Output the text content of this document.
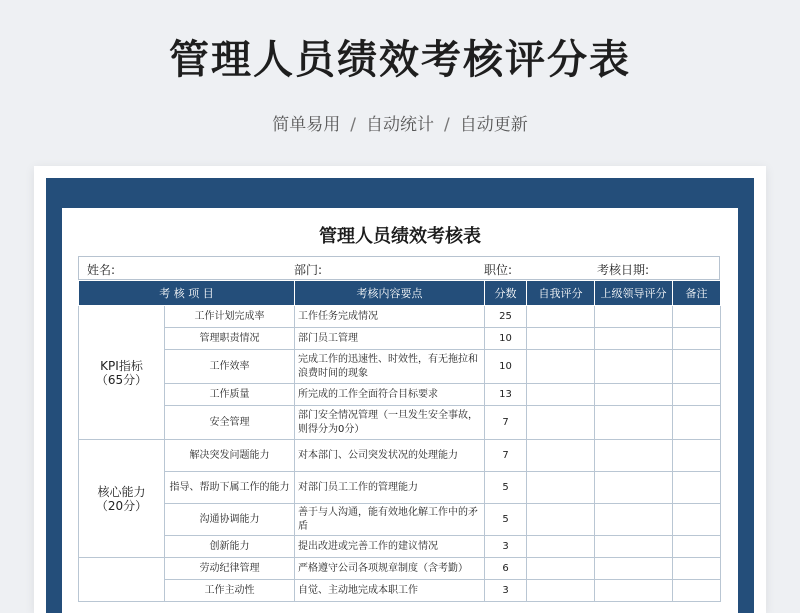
管理人员绩效考核评分表
简单易用 / 自动统计 / 自动更新
管理人员绩效考核表
姓名:	部门:	职位:	考核日期:
考 核 项 目		考核内容要点	分数	自我评分	上级领导评分	备注

KPI指标
（65分）	工作计划完成率	工作任务完成情况	25			
	管理职责情况	部门员工管理	10			
	工作效率	完成工作的迅速性、时效性，有无拖拉和浪费时间的现象	10			
	工作质量	所完成的工作全面符合目标要求	13			
	安全管理	部门安全情况管理（一旦发生安全事故，则得分为0分）	7			

核心能力
（20分）	解决突发问题能力	对本部门、公司突发状况的处理能力	7			
	指导、帮助下属工作的能力	对部门员工工作的管理能力	5			
	沟通协调能力	善于与人沟通，能有效地化解工作中的矛盾	5			
	创新能力	提出改进或完善工作的建议情况	3			

	劳动纪律管理	严格遵守公司各项规章制度（含考勤）	6			
	工作主动性	自觉、主动地完成本职工作	3			
